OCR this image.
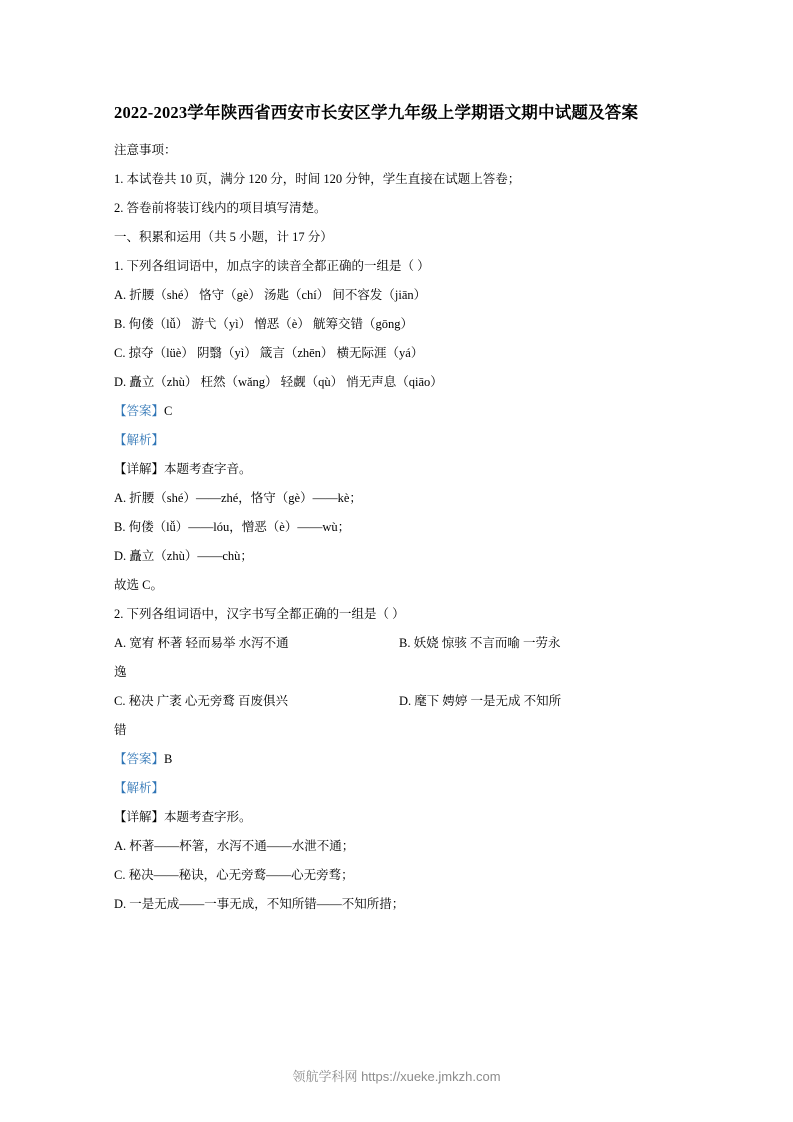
2022-2023学年陕西省西安市长安区学九年级上学期语文期中试题及答案

注意事项：

1. 本试卷共 10 页，满分 120 分，时间 120 分钟，学生直接在试题上答卷；

2. 答卷前将装订线内的项目填写清楚。

一、积累和运用（共 5 小题，计 17 分）

1. 下列各组词语中，加点字的读音全都正确的一组是（ ）

A. 折腰（shé） 恪守（gè） 汤匙（chí） 间不容发（jiān）

B. 佝偻（lǚ） 游弋（yì） 憎恶（è） 觥筹交错（gōng）

C. 掠夺（lüè） 阴翳（yì） 箴言（zhēn） 横无际涯（yá）

D. 矗立（zhù） 枉然（wǎng） 轻觑（qù） 悄无声息（qiāo）

【答案】C

【解析】

【详解】本题考查字音。

A. 折腰（shé）——zhé，恪守（gè）——kè；

B. 佝偻（lǚ）——lóu，憎恶（è）——wù；

D. 矗立（zhù）——chù；

故选 C。

2. 下列各组词语中，汉字书写全都正确的一组是（ ）

A. 宽宥 杯著 轻而易举 水泻不通	B. 妖娆 惊骇 不言而喻 一劳永

逸

C. 秘决 广袤 心无旁鹜 百废俱兴	D. 麾下 娉婷 一是无成 不知所

错

【答案】B

【解析】

【详解】本题考查字形。

A. 杯著——杯箸，水泻不通——水泄不通；

C. 秘决——秘诀，心无旁鹜——心无旁骛；

D. 一是无成——一事无成，不知所错——不知所措；

领航学科网 https://xueke.jmkzh.com
